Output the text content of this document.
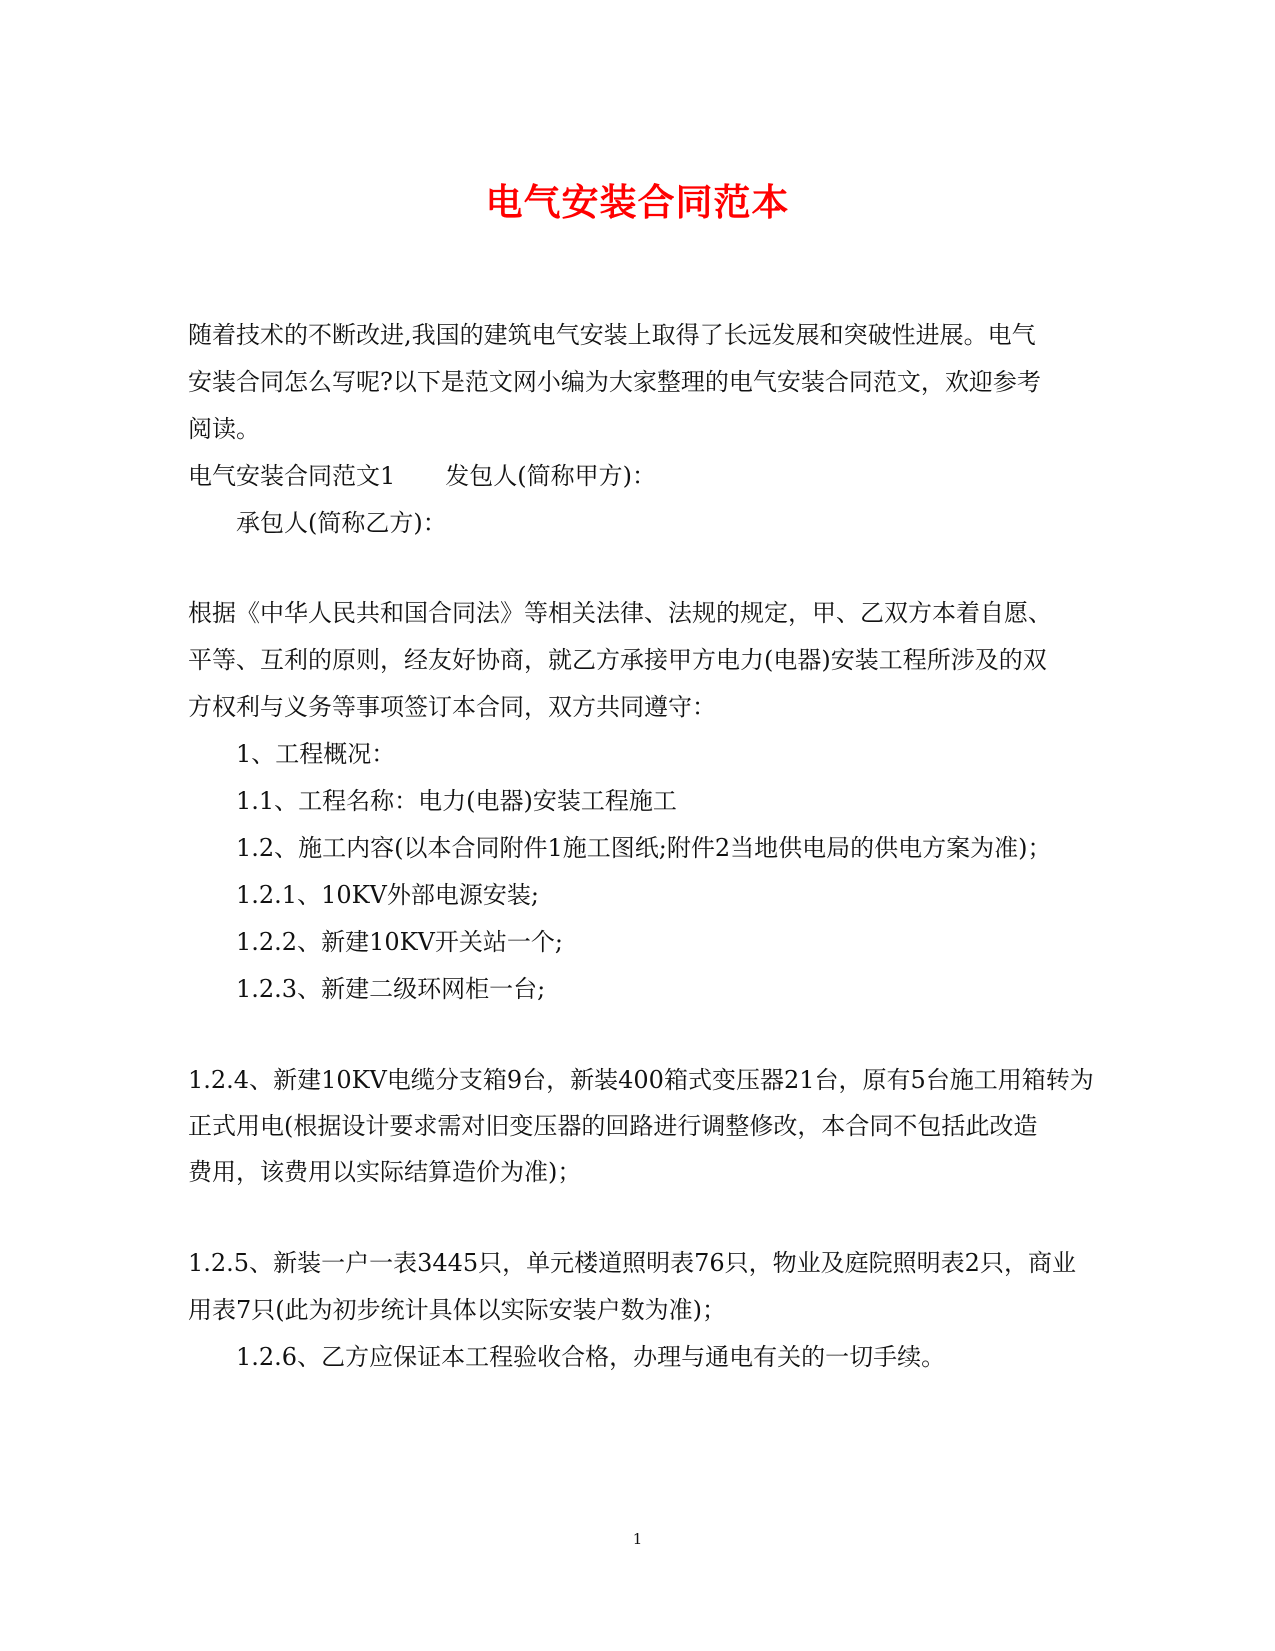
电气安装合同范本
随着技术的不断改进,我国的建筑电气安装上取得了长远发展和突破性进展。电气
安装合同怎么写呢?以下是范文网小编为大家整理的电气安装合同范文，欢迎参考
阅读。
电气安装合同范文1 发包人(简称甲方)：
承包人(简称乙方)：
根据《中华人民共和国合同法》等相关法律、法规的规定，甲、乙双方本着自愿、
平等、互利的原则，经友好协商，就乙方承接甲方电力(电器)安装工程所涉及的双
方权利与义务等事项签订本合同，双方共同遵守：
1、工程概况：
1.1、工程名称：电力(电器)安装工程施工
1.2、施工内容(以本合同附件1施工图纸;附件2当地供电局的供电方案为准)；
1.2.1、10KV外部电源安装;
1.2.2、新建10KV开关站一个;
1.2.3、新建二级环网柜一台;
1.2.4、新建10KV电缆分支箱9台，新装400箱式变压器21台，原有5台施工用箱转为
正式用电(根据设计要求需对旧变压器的回路进行调整修改，本合同不包括此改造
费用，该费用以实际结算造价为准)；
1.2.5、新装一户一表3445只，单元楼道照明表76只，物业及庭院照明表2只，商业
用表7只(此为初步统计具体以实际安装户数为准)；
1.2.6、乙方应保证本工程验收合格，办理与通电有关的一切手续。
1
